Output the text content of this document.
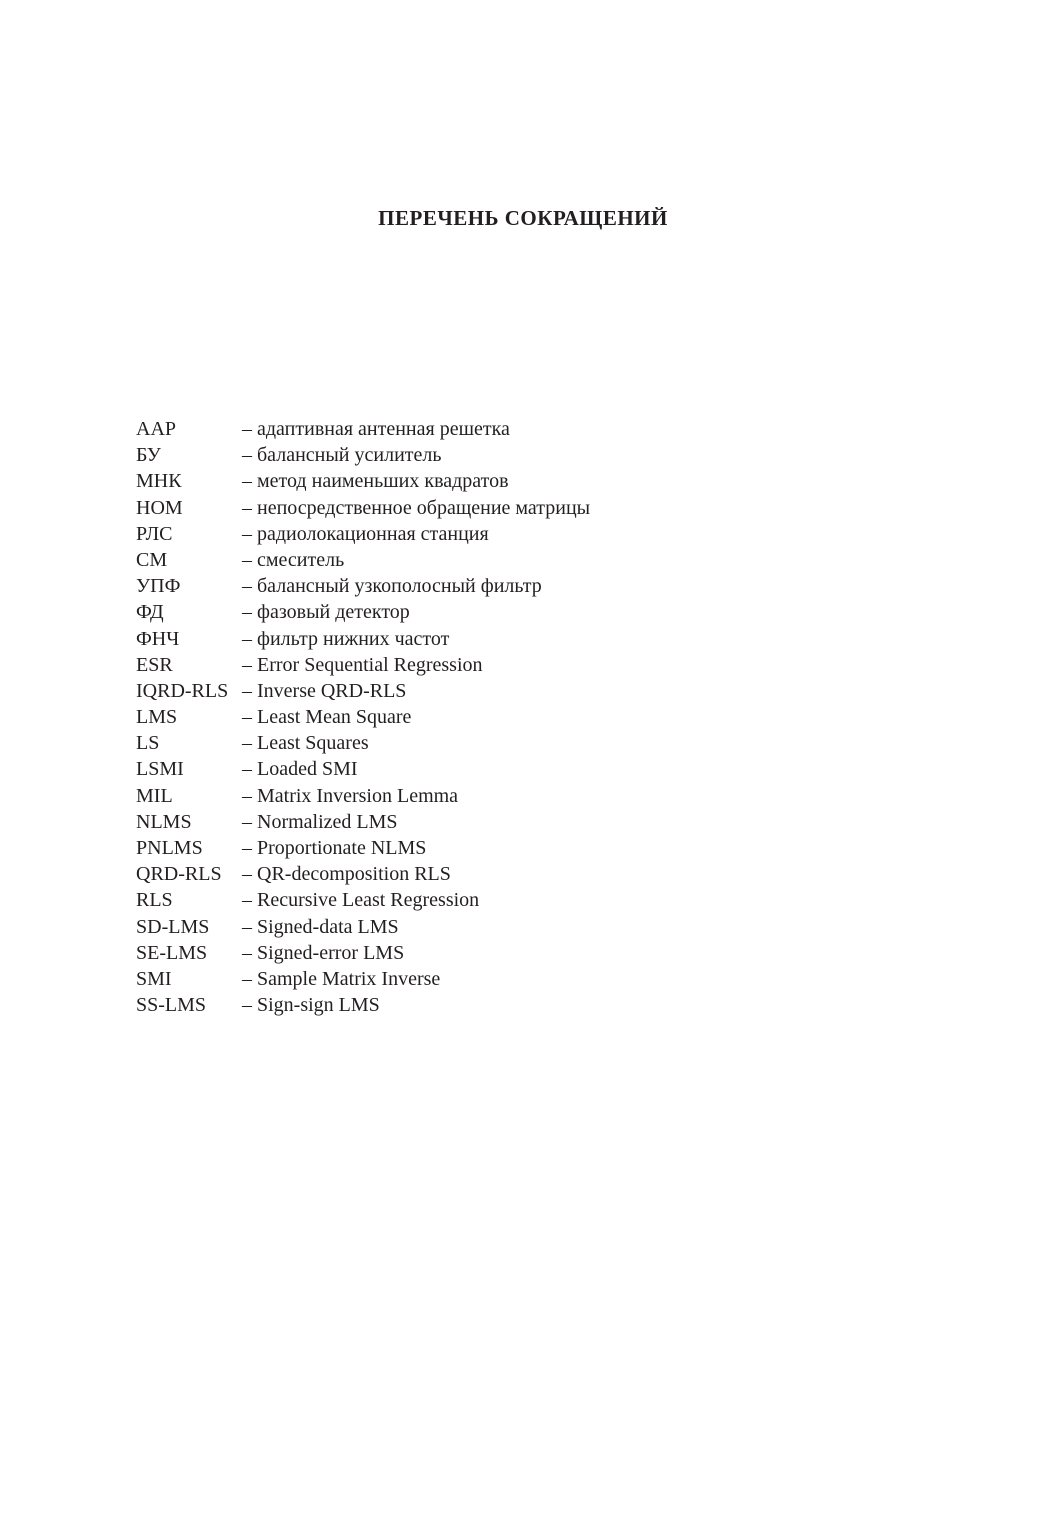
ПЕРЕЧЕНЬ СОКРАЩЕНИЙ
ААР	– адаптивная антенная решетка
БУ	– балансный усилитель
МНК	– метод наименьших квадратов
НОМ	– непосредственное обращение матрицы
РЛС	– радиолокационная станция
СМ	– смеситель
УПФ	– балансный узкополосный фильтр
ФД	– фазовый детектор
ФНЧ	– фильтр нижних частот
ESR	– Error Sequential Regression
IQRD-RLS – Inverse QRD-RLS
LMS	– Least Mean Square
LS	– Least Squares
LSMI	– Loaded SMI
MIL	– Matrix Inversion Lemma
NLMS	– Normalized LMS
PNLMS	– Proportionate NLMS
QRD-RLS	– QR-decomposition RLS
RLS	– Recursive Least Regression
SD-LMS	– Signed-data LMS
SE-LMS	– Signed-error LMS
SMI	– Sample Matrix Inverse
SS-LMS	– Sign-sign LMS
